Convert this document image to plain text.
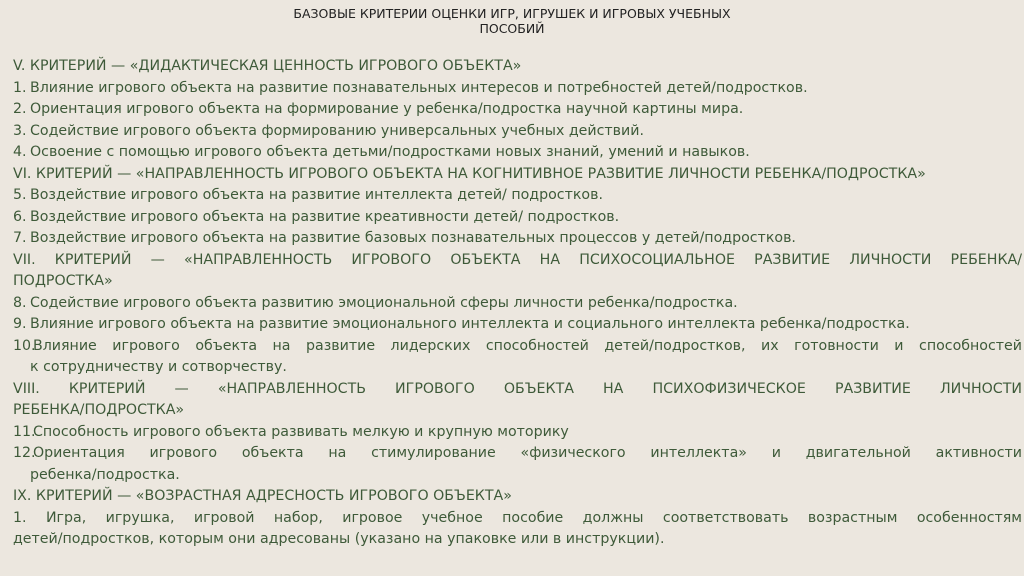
БАЗОВЫЕ КРИТЕРИИ ОЦЕНКИ ИГР, ИГРУШЕК И ИГРОВЫХ УЧЕБНЫХ
ПОСОБИЙ
V. КРИТЕРИЙ — «ДИДАКТИЧЕСКАЯ ЦЕННОСТЬ ИГРОВОГО ОБЪЕКТА»
1. Влияние игрового объекта на развитие познавательных интересов и потребностей детей/подростков.
2. Ориентация игрового объекта на формирование у ребенка/подростка научной картины мира.
3. Содействие игрового объекта формированию универсальных учебных действий.
4. Освоение с помощью игрового объекта детьми/подростками новых знаний, умений и навыков.
VI. КРИТЕРИЙ — «НАПРАВЛЕННОСТЬ ИГРОВОГО ОБЪЕКТА НА КОГНИТИВНОЕ РАЗВИТИЕ ЛИЧНОСТИ РЕБЕНКА/ПОДРОСТКА»
5. Воздействие игрового объекта на развитие интеллекта детей/ подростков.
6. Воздействие игрового объекта на развитие креативности детей/ подростков.
7. Воздействие игрового объекта на развитие базовых познавательных процессов у детей/подростков.
VII. КРИТЕРИЙ — «НАПРАВЛЕННОСТЬ ИГРОВОГО ОБЪЕКТА НА ПСИХОСОЦИАЛЬНОЕ РАЗВИТИЕ ЛИЧНОСТИ РЕБЕНКА/
ПОДРОСТКА»
8. Содействие игрового объекта развитию эмоциональной сферы личности ребенка/подростка.
9. Влияние игрового объекта на развитие эмоционального интеллекта и социального интеллекта ребенка/подростка.
10.
Влияние игрового объекта на развитие лидерских способностей детей/подростков, их готовности и способностей
к сотрудничеству и сотворчеству.
VIII. КРИТЕРИЙ — «НАПРАВЛЕННОСТЬ ИГРОВОГО ОБЪЕКТА НА ПСИХОФИЗИЧЕСКОЕ РАЗВИТИЕ ЛИЧНОСТИ
РЕБЕНКА/ПОДРОСТКА»
11.
Способность игрового объекта развивать мелкую и крупную моторику
12.
Ориентация игрового объекта на стимулирование «физического интеллекта» и двигательной активности
ребенка/подростка.
IX. КРИТЕРИЙ — «ВОЗРАСТНАЯ АДРЕСНОСТЬ ИГРОВОГО ОБЪЕКТА»
1. Игра, игрушка, игровой набор, игровое учебное пособие должны соответствовать возрастным особенностям
детей/подростков, которым они адресованы (указано на упаковке или в инструкции).
